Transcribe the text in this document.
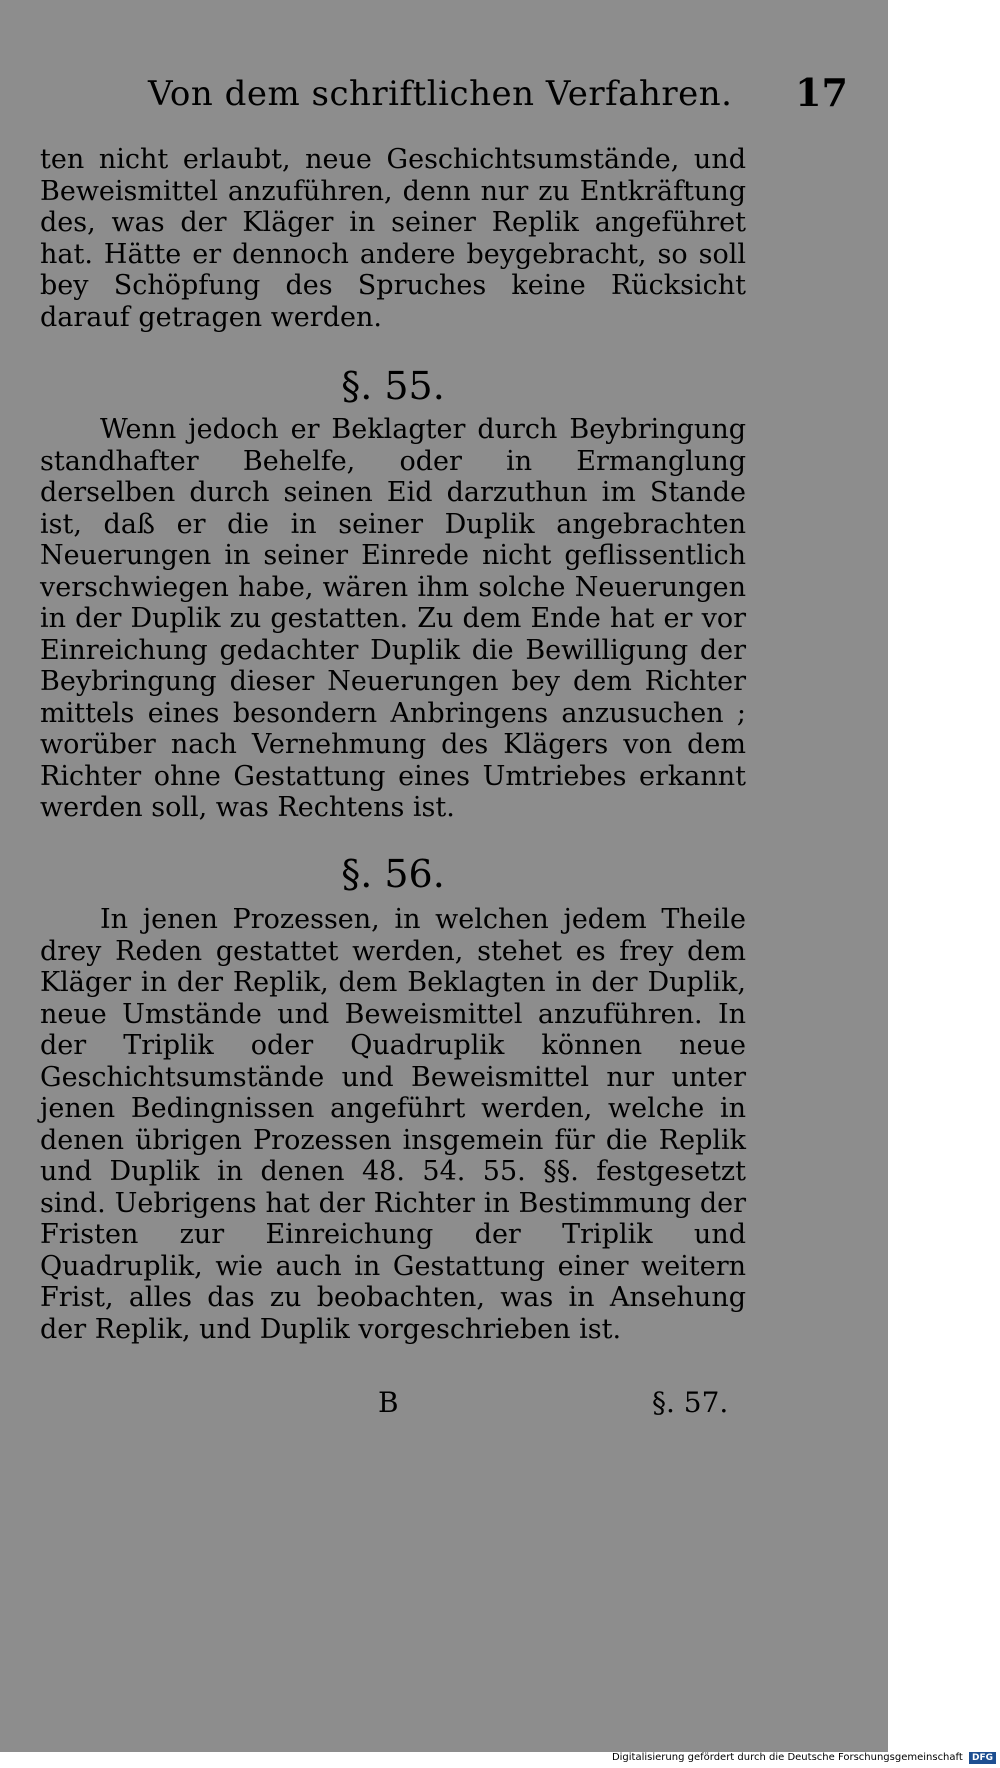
Von dem schriftlichen Verfahren. 17

ten nicht erlaubt, neue Geschichtsumstände, und Beweismittel anzuführen, denn nur zu Entkräftung des, was der Kläger in seiner Replik angeführet hat. Hätte er dennoch andere beygebracht, so soll bey Schöpfung des Spruches keine Rücksicht darauf getragen werden.

§. 55.

Wenn jedoch er Beklagter durch Beybringung standhafter Behelfe, oder in Ermanglung derselben durch seinen Eid darzuthun im Stande ist, daß er die in seiner Duplik angebrachten Neuerungen in seiner Einrede nicht geflissentlich verschwiegen habe, wären ihm solche Neuerungen in der Duplik zu gestatten. Zu dem Ende hat er vor Einreichung gedachter Duplik die Bewilligung der Beybringung dieser Neuerungen bey dem Richter mittels eines besondern Anbringens anzusuchen ; worüber nach Vernehmung des Klägers von dem Richter ohne Gestattung eines Umtriebes erkannt werden soll, was Rechtens ist.

§. 56.

In jenen Prozessen, in welchen jedem Theile drey Reden gestattet werden, stehet es frey dem Kläger in der Replik, dem Beklagten in der Duplik, neue Umstände und Beweismittel anzuführen. In der Triplik oder Quadruplik können neue Geschichtsumstände und Beweismittel nur unter jenen Bedingnissen angeführt werden, welche in denen übrigen Prozessen insgemein für die Replik und Duplik in denen 48. 54. 55. §§. festgesetzt sind. Uebrigens hat der Richter in Bestimmung der Fristen zur Einreichung der Triplik und Quadruplik, wie auch in Gestattung einer weitern Frist, alles das zu beobachten, was in Ansehung der Replik, und Duplik vorgeschrieben ist.

B	§. 57.
Digitalisierung gefördert durch die Deutsche Forschungsgemeinschaft DFG
